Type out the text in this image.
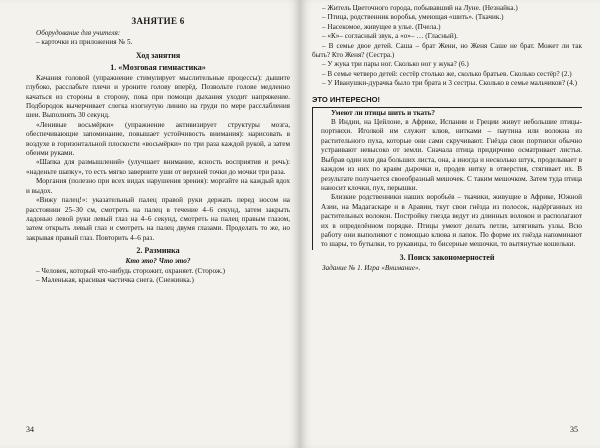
ЗАНЯТИЕ 6

Оборудование для учителя:

– карточки из приложения № 5.

Ход занятия
1. «Мозговая гимнастика»

Качания головой (упражнение стимулирует мыслительные процессы): дышите глубоко, расслабьте плечи и уроните голову вперёд. Позвольте голове медленно качаться из стороны в сторону, пока при помощи дыхания уходит напряжение. Подбородок вычерчивает слегка изогнутую линию на груди по мере расслабления шеи. Выполнять 30 секунд.

«Ленивые восьмёрки» (упражнение активизирует структуры мозга, обеспечивающие запоминание, повышает устойчивость внимания): нарисовать в воздухе в горизонтальной плоскости «восьмёрки» по три раза каждой рукой, а затем обеими руками.

«Шапка для размышлений» (улучшает внимание, ясность восприятия и речь): «наденьте шапку», то есть мягко заверните уши от верхней точки до мочки три раза.

Моргания (полезно при всех видах нарушения зрения): моргайте на каждый вдох и выдох.

«Вижу палец!»: указательный палец правой руки держать перед носом на расстоянии 25–30 см, смотреть на палец в течение 4–6 секунд, затем закрыть ладонью левой руки левый глаз на 4–6 секунд, смотреть на палец правым глазом, затем открыть левый глаз и смотреть на палец двумя глазами. Проделать то же, но закрывая правый глаз. Повторить 4–6 раз.

2. Разминка

Кто это? Что это?

– Человек, который что-нибудь сторожит, охраняет. (Сторож.)

– Маленькая, красивая частичка снега. (Снежинка.)

34

– Житель Цветочного города, побывавший на Луне. (Незнайка.)

– Птица, родственник воробья, умеющая «шить». (Ткачик.)

– Насекомое, живущее в улье. (Пчела.)

– «К»– согласный звук, а «о»– … (Гласный).

– В семье двое детей. Саша – брат Жени, но Женя Саше не брат. Может ли так быть? Кто Женя? (Сестра.)

– У жука три пары ног. Сколько ног у жука? (6.)

– В семье четверо детей: сестёр столько же, сколько братьев. Сколько сестёр? (2.)

– У Иванушки-дурачка было три брата и 3 сестры. Сколько в семье мальчиков? (4.)

ЭТО ИНТЕРЕСНО!

Умеют ли птицы шить и ткать?

В Индии, на Цейлоне, в Африке, Испании и Греции живут небольшие птицы-портнихи. Иголкой им служит клюв, нитками – паутина или волокна из растительного пуха, которые они сами скручивают. Гнёзда свои портнихи обычно устраивают невысоко от земли. Сначала птица придирчиво осматривает листья. Выбрав один или два больших листа, она, а иногда и несколько штук, проделывает в каждом из них по краям дырочки и, продев нитку в отверстия, стягивает их. В результате получается своеобразный мешочек. С таким мешочком. Затем туда птица наносит клочки, пух, перышки.

Близкие родственники наших воробьёв – ткачики, живущие в Африке, Южной Азии, на Мадагаскаре и в Аравии, ткут свои гнёзда из полосок, надёрганных из растительных волокон. Постройку гнезда ведут из длинных волокон и располагают их в определённом порядке. Птицы умеют делать петли, затягивать узлы. Всю работу они выполняют с помощью клюва и лапок. По форме их гнёзда напоминают то шары, то бутылки, то рукавицы, то бисерные мешочки, то вытянутые кошельки.

3. Поиск закономерностей

Задание № 1. Игра «Внимание».

35
